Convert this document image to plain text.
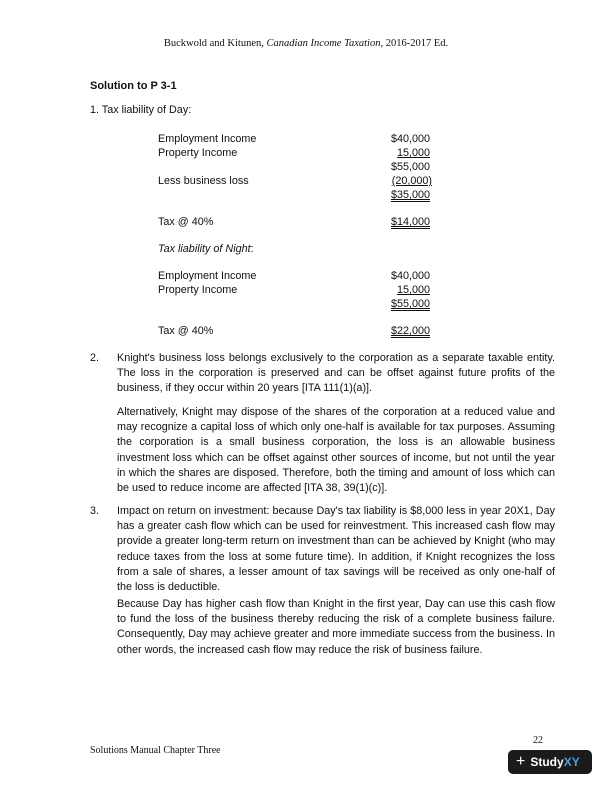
Buckwold and Kitunen, Canadian Income Taxation, 2016-2017 Ed.
Solution to P 3-1
1. Tax liability of Day:
Employment Income	$40,000
Property Income	15,000
$55,000
Less business loss	(20,000)
$35,000
Tax @ 40%	$14,000
Tax liability of Night:
Employment Income	$40,000
Property Income	15,000
$55,000
Tax @ 40%	$22,000
2. Knight's business loss belongs exclusively to the corporation as a separate taxable entity. The loss in the corporation is preserved and can be offset against future profits of the business, if they occur within 20 years [ITA 111(1)(a)].

Alternatively, Knight may dispose of the shares of the corporation at a reduced value and may recognize a capital loss of which only one-half is available for tax purposes. Assuming the corporation is a small business corporation, the loss is an allowable business investment loss which can be offset against other sources of income, but not until the year in which the shares are disposed. Therefore, both the timing and amount of loss which can be used to reduce income are affected [ITA 38, 39(1)(c)].

3. Impact on return on investment: because Day's tax liability is $8,000 less in year 20X1, Day has a greater cash flow which can be used for reinvestment. This increased cash flow may provide a greater long-term return on investment than can be achieved by Knight (who may reduce taxes from the loss at some future time). In addition, if Knight recognizes the loss from a sale of shares, a lesser amount of tax savings will be received as only one-half of the loss is deductible.

Because Day has higher cash flow than Knight in the first year, Day can use this cash flow to fund the loss of the business thereby reducing the risk of a complete business failure. Consequently, Day may achieve greater and more immediate success from the business. In other words, the increased cash flow may reduce the risk of business failure.

22
Solutions Manual Chapter Three
+ Study XY
